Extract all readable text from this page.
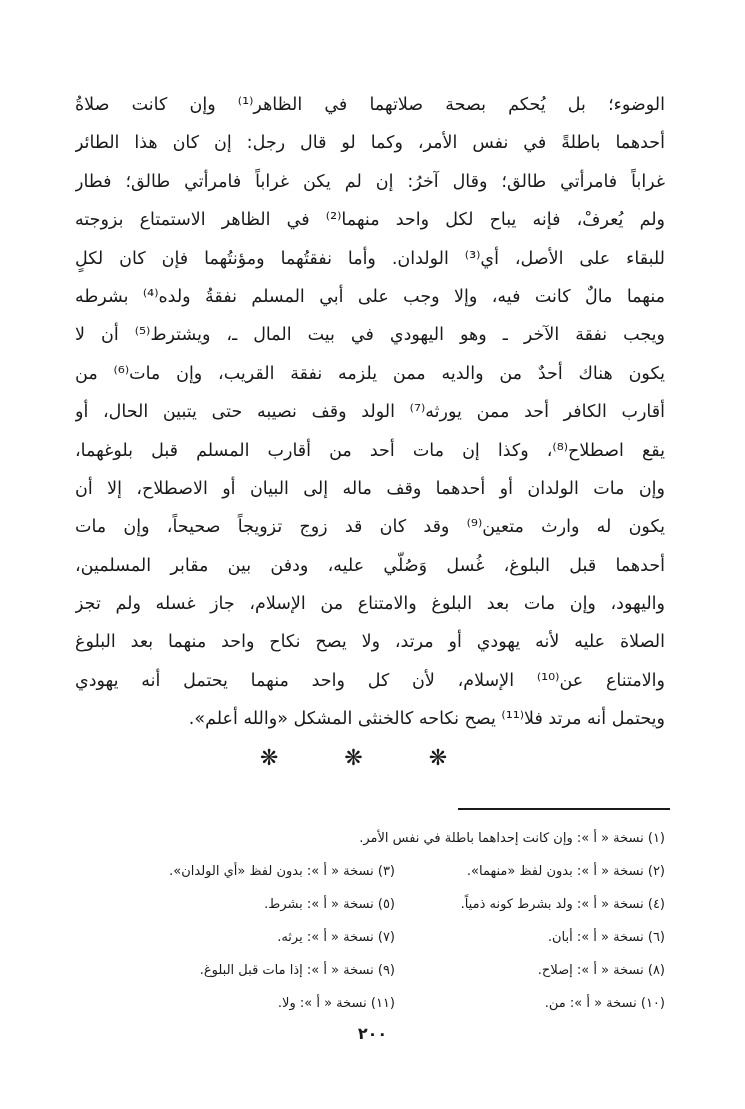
الوضوء؛ بل يُحكم بصحة صلاتهما في الظاهر⁽¹⁾ وإن كانت صلاةُ
أحدهما باطلةً في نفس الأمر، وكما لو قال رجل: إن كان هذا الطائر
غراباً فامرأتي طالق؛ وقال آخرُ: إن لم يكن غراباً فامرأتي طالق؛ فطار
ولم يُعرفْ، فإنه يباح لكل واحد منهما⁽²⁾ في الظاهر الاستمتاع بزوجته
للبقاء على الأصل، أي⁽³⁾ الولدان. وأما نفقتُهما ومؤنتُهما فإن كان لكلٍ
منهما مالٌ كانت فيه، وإلا وجب على أبي المسلم نفقةُ ولده⁽⁴⁾ بشرطه
ويجب نفقة الآخر ـ وهو اليهودي في بيت المال ـ، ويشترط⁽⁵⁾ أن لا
يكون هناك أحدٌ من والديه ممن يلزمه نفقة القريب، وإن مات⁽⁶⁾ من
أقارب الكافر أحد ممن يورثه⁽⁷⁾ الولد وقف نصيبه حتى يتبين الحال، أو
يقع اصطلاح⁽⁸⁾، وكذا إن مات أحد من أقارب المسلم قبل بلوغهما،
وإن مات الولدان أو أحدهما وقف ماله إلى البيان أو الاصطلاح، إلا أن
يكون له وارث متعين⁽⁹⁾ وقد كان قد زوج تزويجاً صحيحاً، وإن مات
أحدهما قبل البلوغ، غُسل وَصُلّي عليه، ودفن بين مقابر المسلمين،
واليهود، وإن مات بعد البلوغ والامتناع من الإسلام، جاز غسله ولم تجز
الصلاة عليه لأنه يهودي أو مرتد، ولا يصح نكاح واحد منهما بعد البلوغ
والامتناع عن⁽¹⁰⁾ الإسلام، لأن كل واحد منهما يحتمل أنه يهودي
ويحتمل أنه مرتد فلا⁽¹¹⁾ يصح نكاحه كالخنثى المشكل «والله أعلم».
❋❋❋
(١) نسخة « أ »: وإن كانت إحداهما باطلة في نفس الأمر.
(٢) نسخة « أ »: بدون لفظ «منهما».
(٣) نسخة « أ »: بدون لفظ «أي الولدان».
(٤) نسخة « أ »: ولد بشرط كونه ذمياً.
(٥) نسخة « أ »: بشرط.
(٦) نسخة « أ »: أبان.
(٧) نسخة « أ »: يرثه.
(٨) نسخة « أ »: إصلاح.
(٩) نسخة « أ »: إذا مات قبل البلوغ.
(١٠) نسخة « أ »: من.
(١١) نسخة « أ »: ولا.
٢٠٠
